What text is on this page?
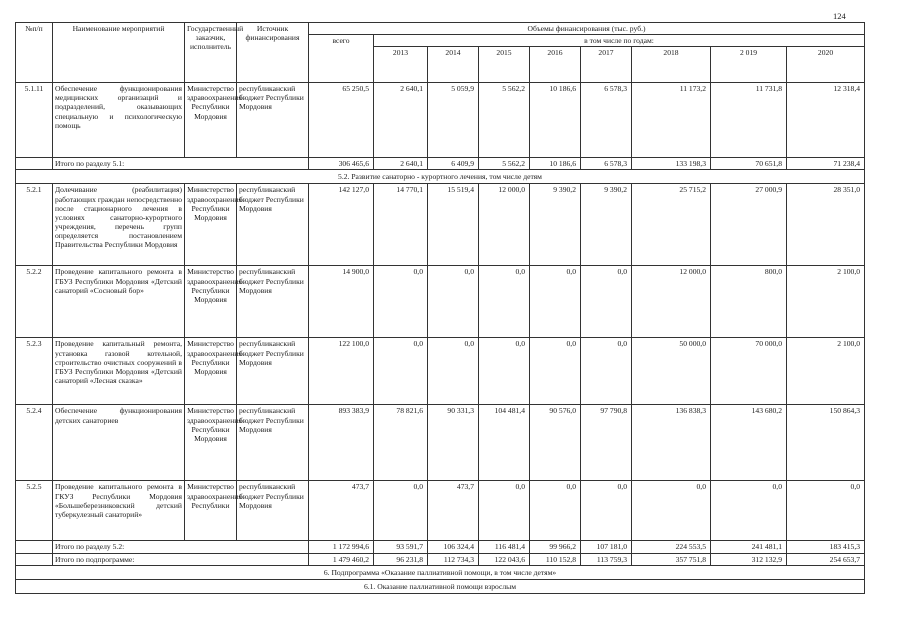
124
№п/п	Наименование мероприятий	Государственный заказчик, исполнитель	Источник финансирования	Объемы финансирования (тыс. руб.)								
				всего	в том числе по годам:							
					2013	2014	2015	2016	2017	2018	2 019	2020
5.1.11	Обеспечение функционирования медицинских организаций и подразделений, оказывающих специальную и психологическую помощь	Министерство здравоохранения Республики Мордовия	республиканский бюджет Республики Мордовия	65 250,5	2 640,1	5 059,9	5 562,2	10 186,6	6 578,3	11 173,2	11 731,8	12 318,4
	Итого по разделу 5.1:			306 465,6	2 640,1	6 409,9	5 562,2	10 186,6	6 578,3	133 198,3	70 651,8	71 238,4
5.2. Развитие санаторно - курортного лечения, том числе детям												
5.2.1	Долечивание (реабилитация) работающих граждан непосредственно после стационарного лечения в условиях санаторно-курортного учреждения, перечень групп определяется постановлением Правительства Республики Мордовия	Министерство здравоохранения Республики Мордовия	республиканский бюджет Республики Мордовия	142 127,0	14 770,1	15 519,4	12 000,0	9 390,2	9 390,2	25 715,2	27 000,9	28 351,0
5.2.2	Проведение капитального ремонта в ГБУЗ Республики Мордовия «Детский санаторий «Сосновый бор»	Министерство здравоохранения Республики Мордовия	республиканский бюджет Республики Мордовия	14 900,0	0,0	0,0	0,0	0,0	0,0	12 000,0	800,0	2 100,0
5.2.3	Проведение капитальный ремонта, установка газовой котельной, строительство очистных сооружений в ГБУЗ Республики Мордовия «Детский санаторий «Лесная сказка»	Министерство здравоохранения Республики Мордовия	республиканский бюджет Республики Мордовия	122 100,0	0,0	0,0	0,0	0,0	0,0	50 000,0	70 000,0	2 100,0
5.2.4	Обеспечение функционирования детских санаториев	Министерство здравоохранения Республики Мордовия	республиканский бюджет Республики Мордовия	893 383,9	78 821,6	90 331,3	104 481,4	90 576,0	97 790,8	136 838,3	143 680,2	150 864,3
5.2.5	Проведение капитального ремонта в ГКУЗ Республики Мордовия «Большеберезниковский детский туберкулезный санаторий»	Министерство здравоохранения Республики	республиканский бюджет Республики Мордовия	473,7	0,0	473,7	0,0	0,0	0,0	0,0	0,0	0,0
	Итого по разделу 5.2:			1 172 994,6	93 591,7	106 324,4	116 481,4	99 966,2	107 181,0	224 553,5	241 481,1	183 415,3
	Итого по подпрограмме:			1 479 460,2	96 231,8	112 734,3	122 043,6	110 152,8	113 759,3	357 751,8	312 132,9	254 653,7
6. Подпрограмма «Оказание паллиативной помощи, в том числе детям»												
6.1. Оказание паллиативной помощи взрослым												
